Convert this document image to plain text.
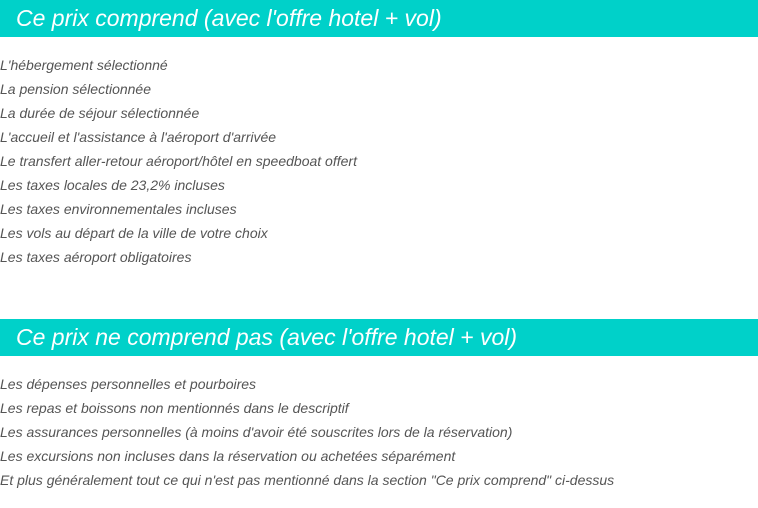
Ce prix comprend (avec l'offre hotel + vol)
L'hébergement sélectionné
La pension sélectionnée
La durée de séjour sélectionnée
L'accueil et l'assistance à l'aéroport d'arrivée
Le transfert aller-retour aéroport/hôtel en speedboat offert
Les taxes locales de 23,2% incluses
Les taxes environnementales incluses
Les vols au départ de la ville de votre choix
Les taxes aéroport obligatoires
Ce prix ne comprend pas (avec l'offre hotel + vol)
Les dépenses personnelles et pourboires
Les repas et boissons non mentionnés dans le descriptif
Les assurances personnelles (à moins d'avoir été souscrites lors de la réservation)
Les excursions non incluses dans la réservation ou achetées séparément
Et plus généralement tout ce qui n'est pas mentionné dans la section "Ce prix comprend" ci-dessus
